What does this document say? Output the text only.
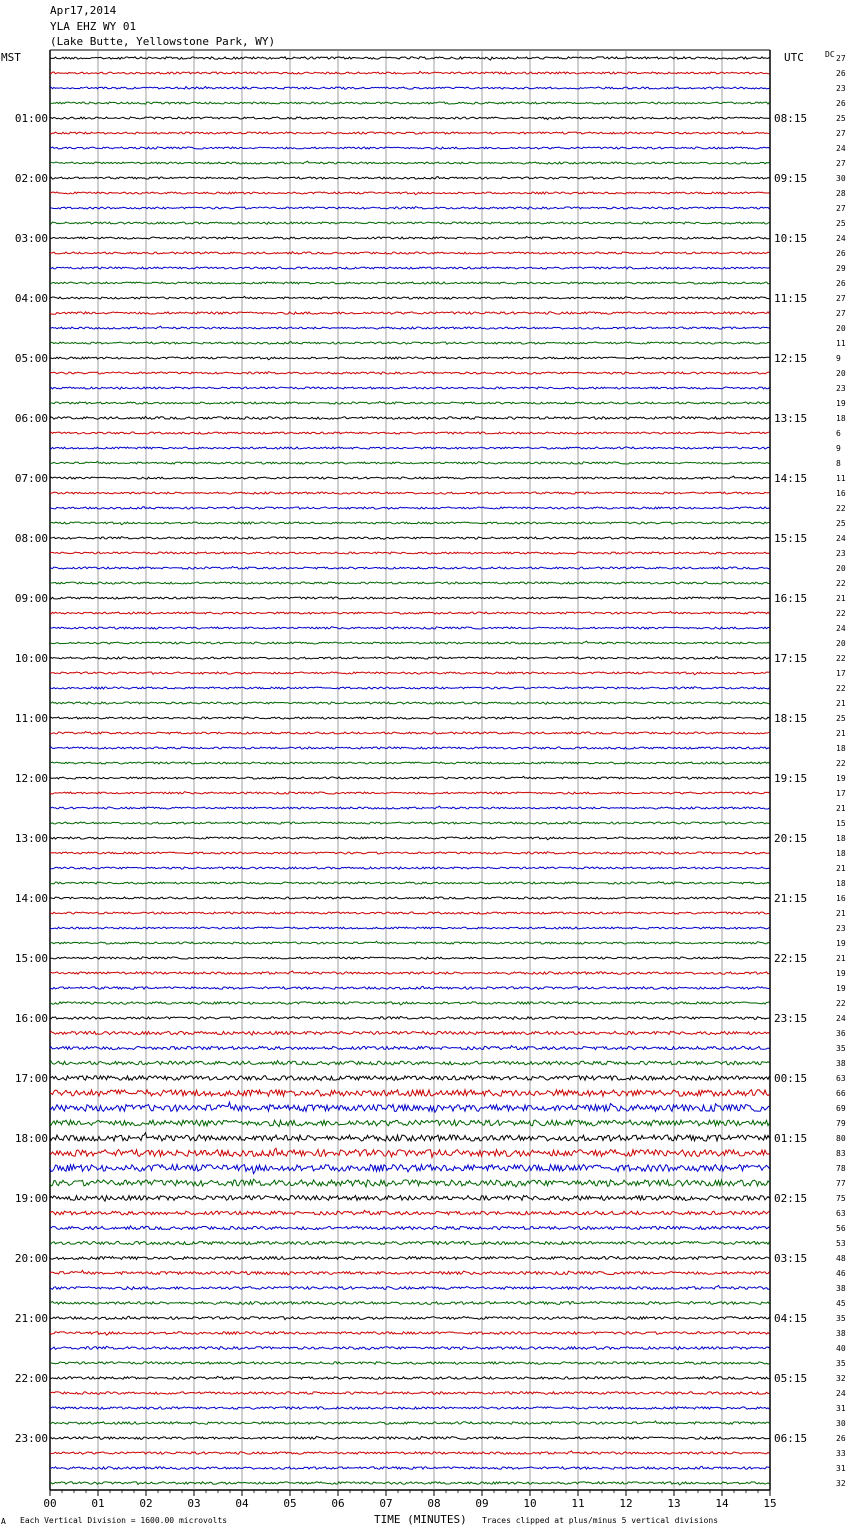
Apr17,2014
YLA EHZ WY 01
(Lake Butte, Yellowstone Park, WY)
MST	UTC
00	01	02	03	04	05	06	07	08	09	10	11	12	13	14	15
27
26
23
26
25
27
24
27
30
28
27
25
24
26
29
26
27
27
20
11
9
20
23
19
18
6
9
8
11
16
22
25
24
23
20
22
21
22
24
20
22
17
22
21
25
21
18
22
19
17
21
15
18
18
21
18
16
21
23
19
21
19
19
22
24
36
35
38
63
66
69
79
80
83
78
77
75
63
56
53
48
46
38
45
35
38
40
35
32
24
31
30
26
33
31
32
DC
01:00	08:15
02:00	09:15
03:00	10:15
04:00	11:15
05:00	12:15
06:00	13:15
07:00	14:15
08:00	15:15
09:00	16:15
10:00	17:15
11:00	18:15
12:00	19:15
13:00	20:15
14:00	21:15
15:00	22:15
16:00	23:15
17:00	00:15
18:00	01:15
19:00	02:15
20:00	03:15
21:00	04:15
22:00	05:15
23:00	06:15
A Each Vertical Division = 1600.00 microvolts	TIME (MINUTES) Traces clipped at plus/minus 5 vertical divisions
